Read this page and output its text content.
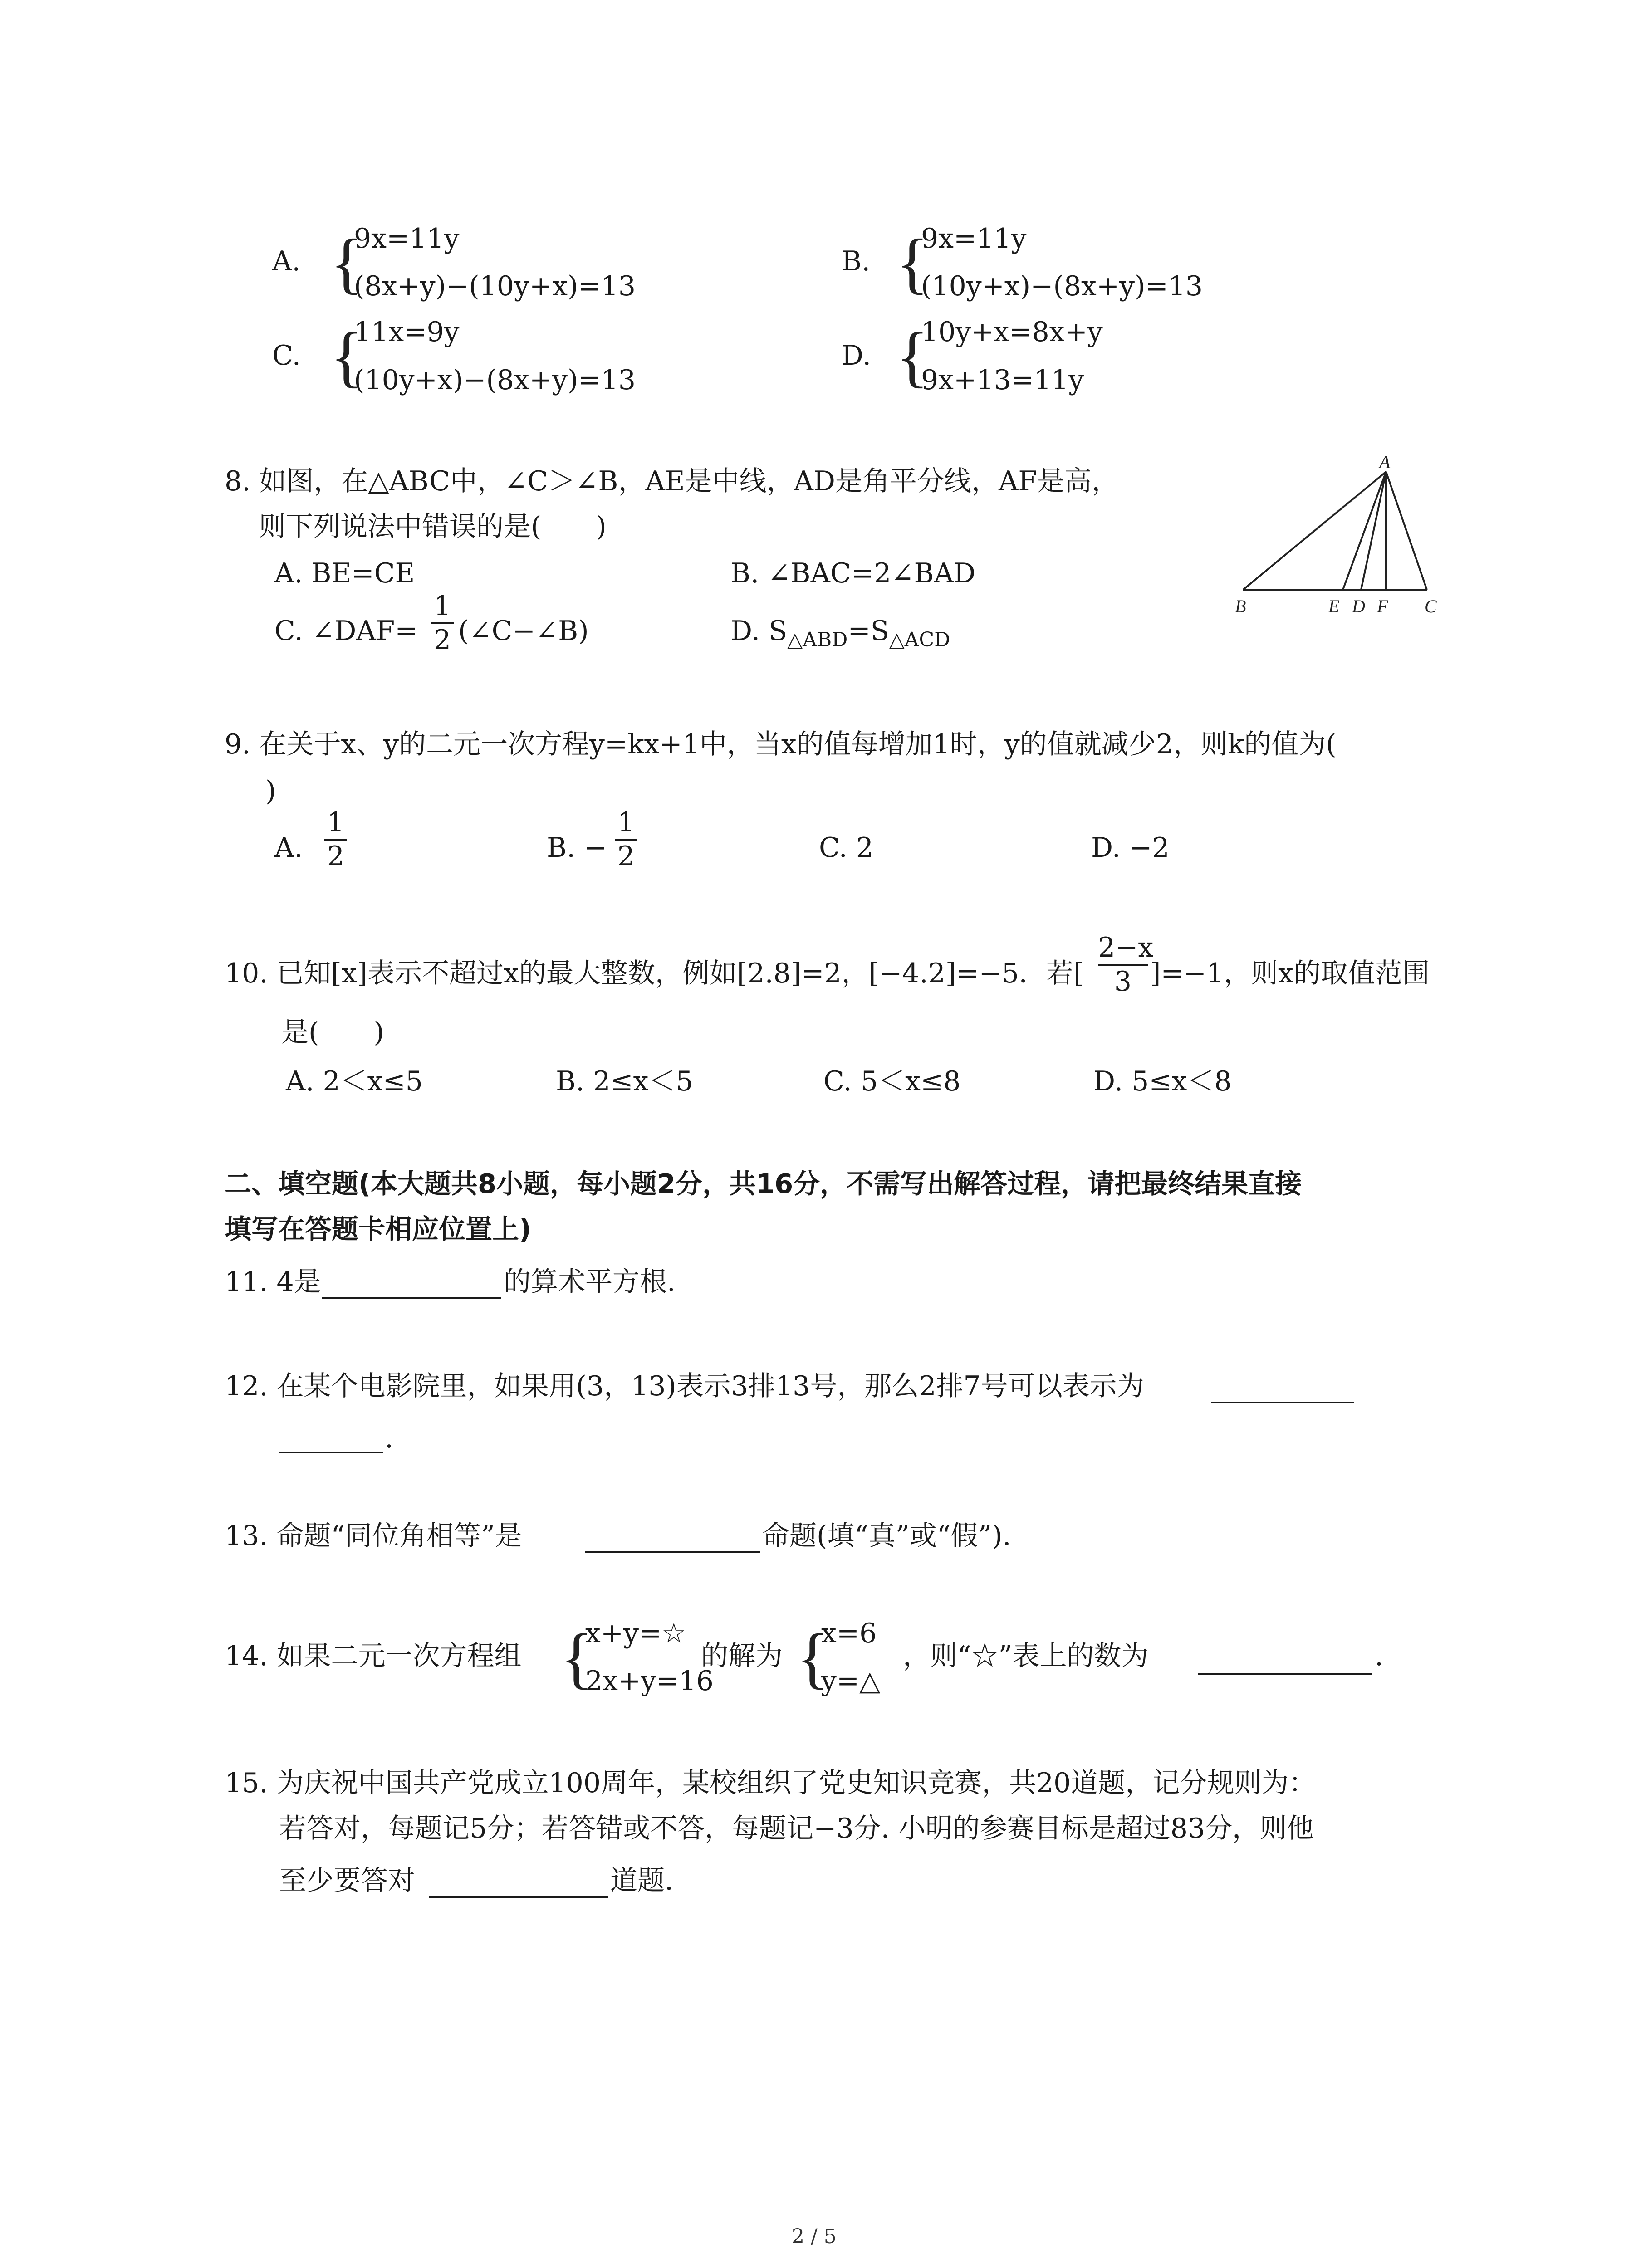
A. {
9x=11y
(8x+y)−(10y+x)=13
B. {
9x=11y
(10y+x)−(8x+y)=13
C. {
11x=9y
(10y+x)−(8x+y)=13
D. {
10y+x=8x+y
9x+13=11y
8. 如图，在△ABC中，∠C＞∠B，AE是中线，AD是角平分线，AF是高，
则下列说法中错误的是(　　)
A. BE=CE	B. ∠BAC=2∠BAD
C. ∠DAF=
1
2 (∠C−∠B)	D. $S_{\triangle ABD}=S_{\triangle ACD}$
A
B	E D F C
9. 在关于x、y的二元一次方程y=kx+1中，当x的值每增加1时，y的值就减少2，则k的值为(
)
A.
1
2	B. −
1
2	C. 2	D. −2
10. 已知[x]表示不超过x的最大整数，例如[2.8]=2，[−4.2]=−5．若[
2−x
3 ]=−1，则x的取值范围
是(　　)
A. 2＜x≤5	B. 2≤x＜5	C. 5＜x≤8	D. 5≤x＜8
二、填空题(本大题共8小题，每小题2分，共16分，不需写出解答过程，请把最终结果直接
填写在答题卡相应位置上)
11. 4是	的算术平方根.
12. 在某个电影院里，如果用(3，13)表示3排13号，那么2排7号可以表示为
.
13. 命题“同位角相等”是	命题(填“真”或“假”).
14. 如果二元一次方程组 {
x+y=☆
2x+y=16
的解为 {
x=6
y=△
，则“☆”表上的数为	.
15. 为庆祝中国共产党成立100周年，某校组织了党史知识竞赛，共20道题，记分规则为：
若答对，每题记5分；若答错或不答，每题记−3分. 小明的参赛目标是超过83分，则他
至少要答对	道题.
2 / 5
